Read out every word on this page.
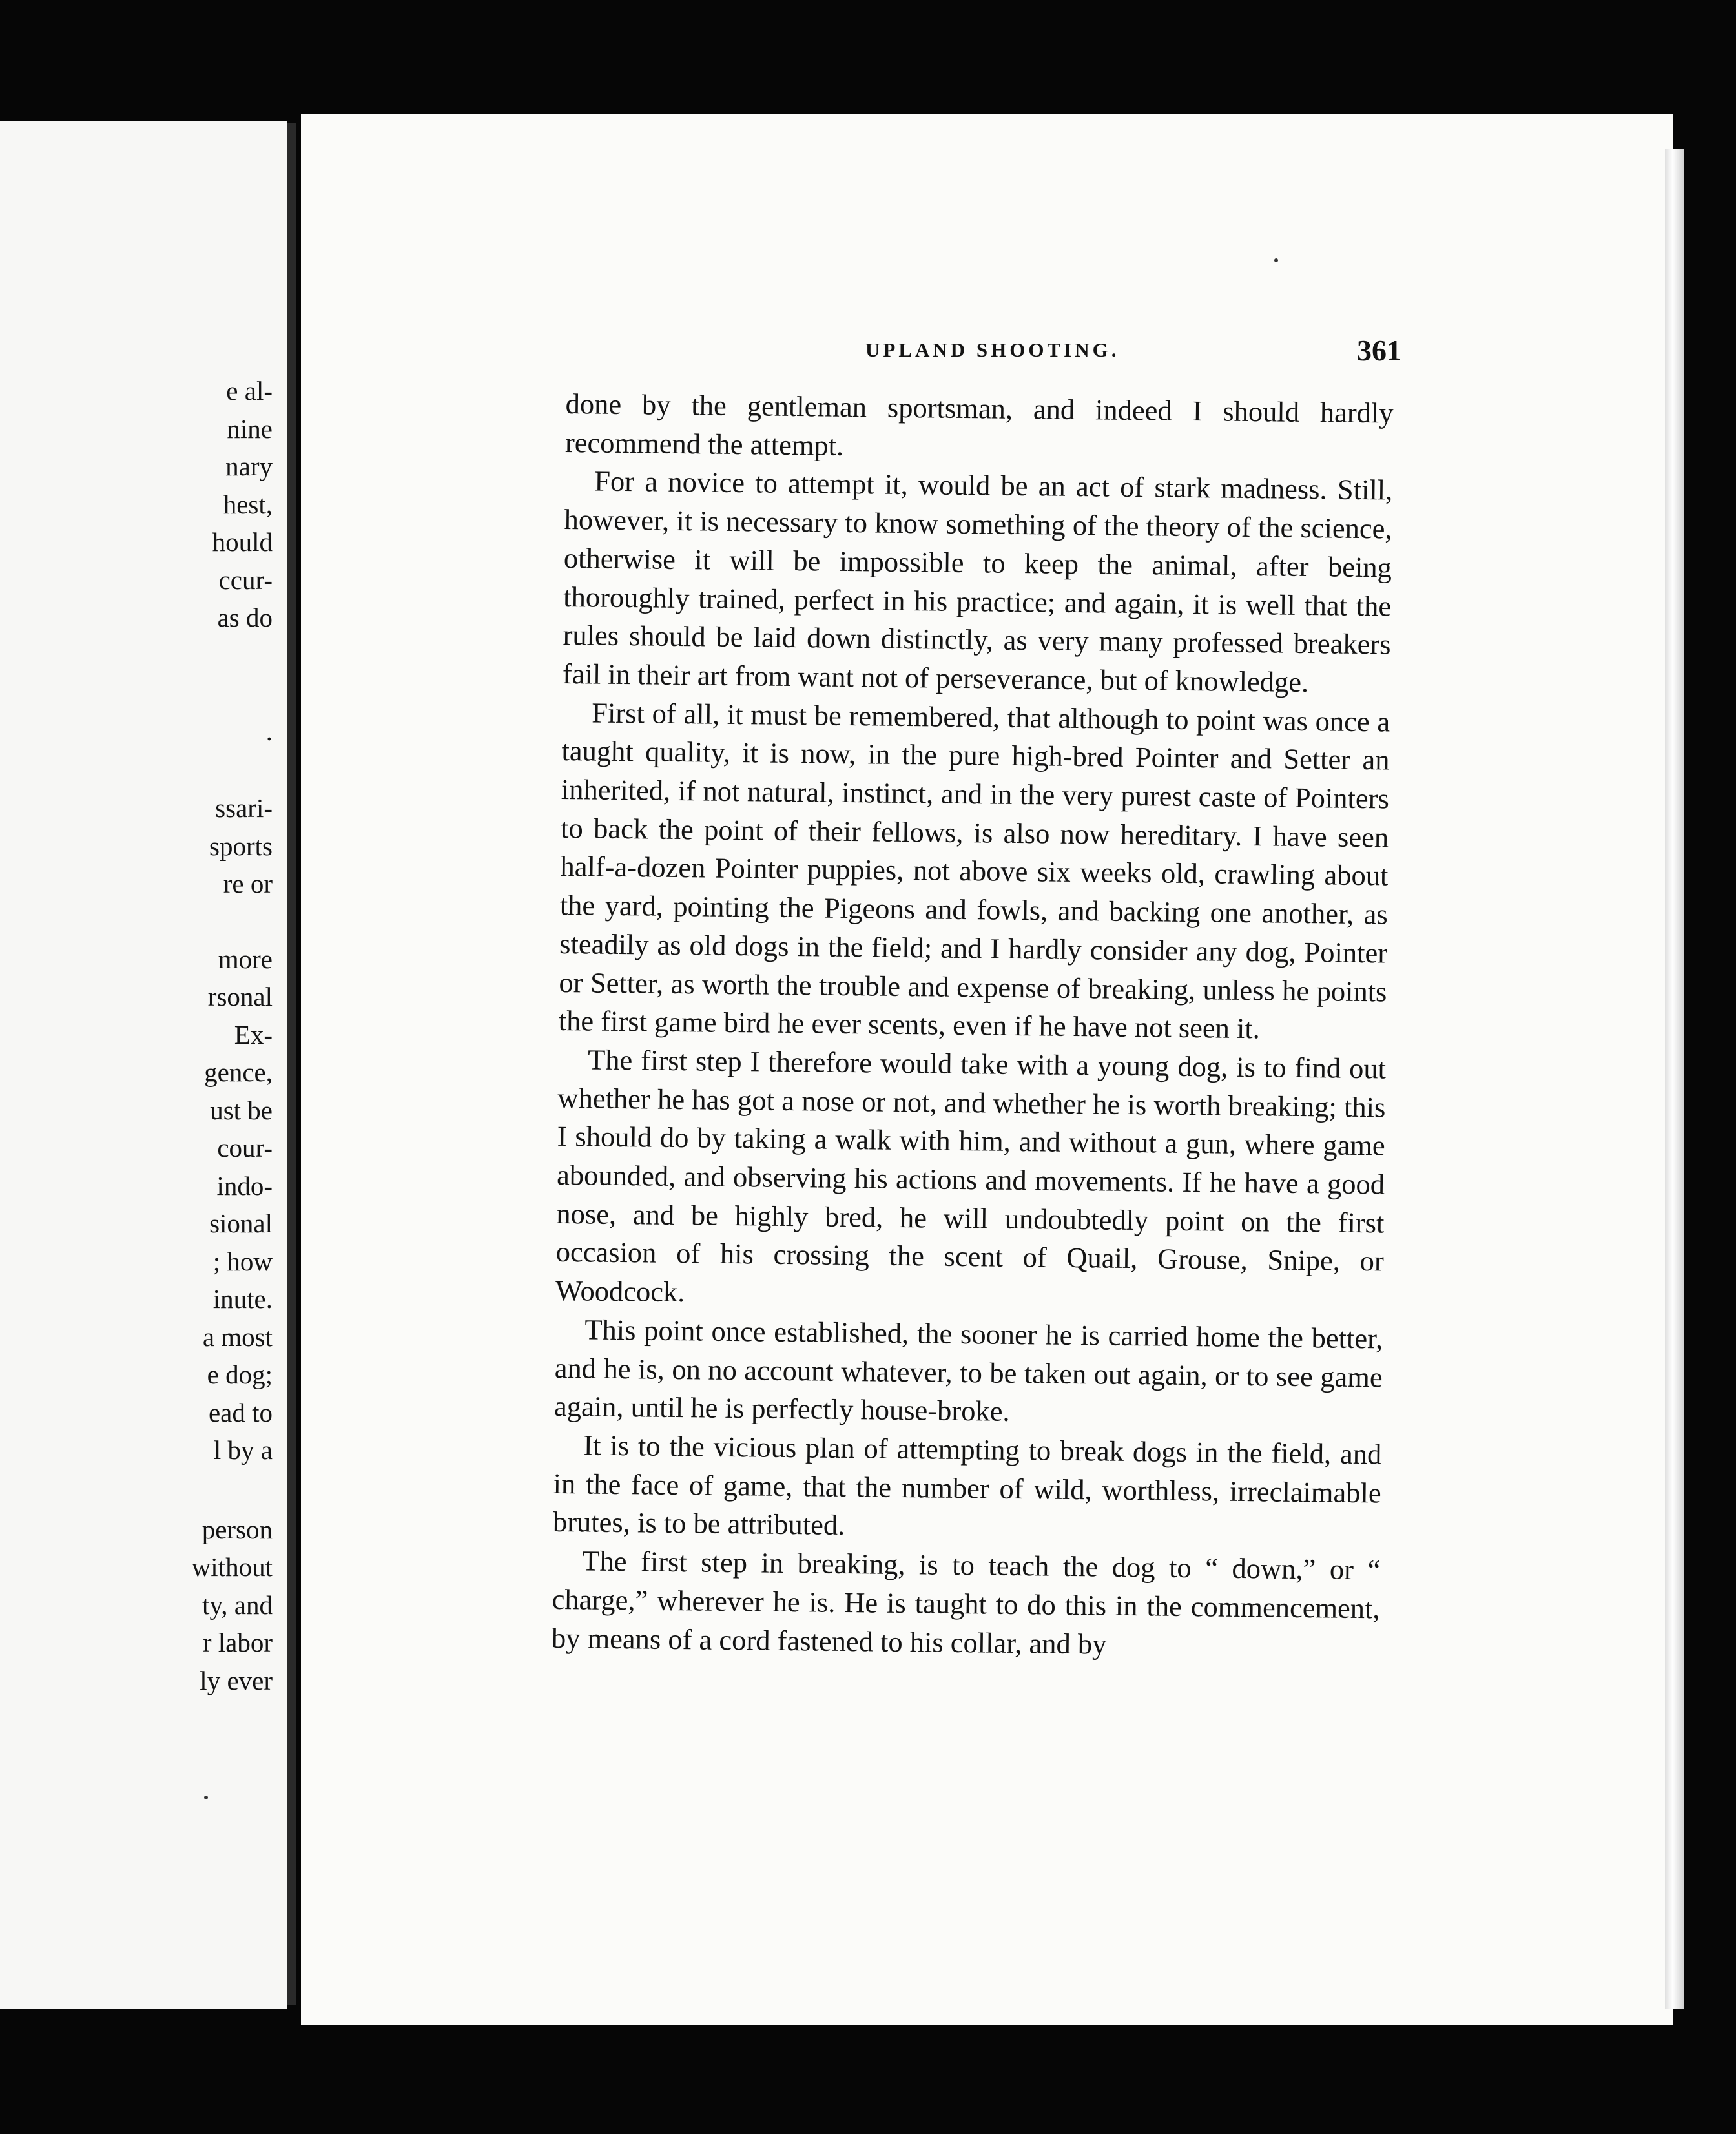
e al-
nine
nary
hest,
hould
ccur-
as do
.
ssari-
sports
re or
more
rsonal
Ex-
gence,
ust be
cour-
indo-
sional
; how
inute.
a most
e dog;
ead to
l by a
person
without
ty, and
r labor
ly ever
UPLAND SHOOTING.	361

done by the gentleman sportsman, and indeed I should hardly recommend the attempt.

For a novice to attempt it, would be an act of stark madness. Still, however, it is necessary to know something of the theory of the science, otherwise it will be impossible to keep the animal, after being thoroughly trained, perfect in his practice; and again, it is well that the rules should be laid down distinctly, as very many professed breakers fail in their art from want not of perseverance, but of knowledge.

First of all, it must be remembered, that although to point was once a taught quality, it is now, in the pure high-bred Pointer and Setter an inherited, if not natural, instinct, and in the very purest caste of Pointers to back the point of their fellows, is also now hereditary. I have seen half-a-dozen Pointer puppies, not above six weeks old, crawling about the yard, pointing the Pigeons and fowls, and backing one another, as steadily as old dogs in the field; and I hardly consider any dog, Pointer or Setter, as worth the trouble and expense of breaking, unless he points the first game bird he ever scents, even if he have not seen it.

The first step I therefore would take with a young dog, is to find out whether he has got a nose or not, and whether he is worth breaking; this I should do by taking a walk with him, and without a gun, where game abounded, and observing his actions and movements. If he have a good nose, and be highly bred, he will undoubtedly point on the first occasion of his crossing the scent of Quail, Grouse, Snipe, or Woodcock.

This point once established, the sooner he is carried home the better, and he is, on no account whatever, to be taken out again, or to see game again, until he is perfectly house-broke.

It is to the vicious plan of attempting to break dogs in the field, and in the face of game, that the number of wild, worthless, irreclaimable brutes, is to be attributed.

The first step in breaking, is to teach the dog to “ down,” or “ charge,” wherever he is. He is taught to do this in the commencement, by means of a cord fastened to his collar, and by
